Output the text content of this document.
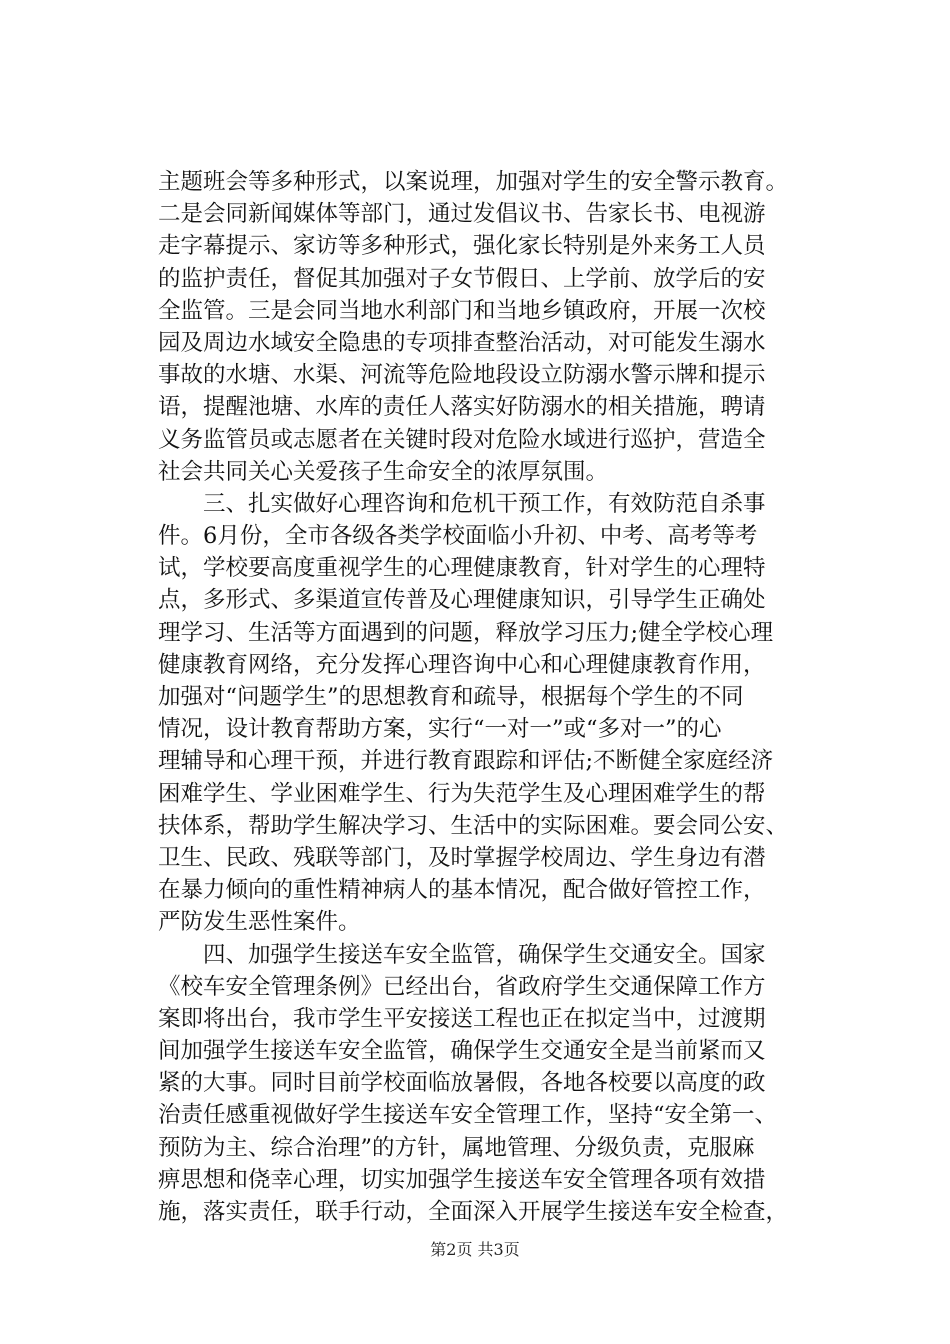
主题班会等多种形式，以案说理，加强对学生的安全警示教育。
二是会同新闻媒体等部门，通过发倡议书、告家长书、电视游
走字幕提示、家访等多种形式，强化家长特别是外来务工人员
的监护责任，督促其加强对子女节假日、上学前、放学后的安
全监管。三是会同当地水利部门和当地乡镇政府，开展一次校
园及周边水域安全隐患的专项排查整治活动，对可能发生溺水
事故的水塘、水渠、河流等危险地段设立防溺水警示牌和提示
语，提醒池塘、水库的责任人落实好防溺水的相关措施，聘请
义务监管员或志愿者在关键时段对危险水域进行巡护，营造全
社会共同关心关爱孩子生命安全的浓厚氛围。
　　三、扎实做好心理咨询和危机干预工作，有效防范自杀事
件。6月份，全市各级各类学校面临小升初、中考、高考等考
试，学校要高度重视学生的心理健康教育，针对学生的心理特
点，多形式、多渠道宣传普及心理健康知识，引导学生正确处
理学习、生活等方面遇到的问题，释放学习压力;健全学校心理
健康教育网络，充分发挥心理咨询中心和心理健康教育作用，
加强对“问题学生”的思想教育和疏导，根据每个学生的不同
情况，设计教育帮助方案，实行“一对一”或“多对一”的心
理辅导和心理干预，并进行教育跟踪和评估;不断健全家庭经济
困难学生、学业困难学生、行为失范学生及心理困难学生的帮
扶体系，帮助学生解决学习、生活中的实际困难。要会同公安、
卫生、民政、残联等部门，及时掌握学校周边、学生身边有潜
在暴力倾向的重性精神病人的基本情况，配合做好管控工作，
严防发生恶性案件。
　　四、加强学生接送车安全监管，确保学生交通安全。国家
《校车安全管理条例》已经出台，省政府学生交通保障工作方
案即将出台，我市学生平安接送工程也正在拟定当中，过渡期
间加强学生接送车安全监管，确保学生交通安全是当前紧而又
紧的大事。同时目前学校面临放暑假，各地各校要以高度的政
治责任感重视做好学生接送车安全管理工作，坚持“安全第一、
预防为主、综合治理”的方针，属地管理、分级负责，克服麻
痹思想和侥幸心理，切实加强学生接送车安全管理各项有效措
施，落实责任，联手行动，全面深入开展学生接送车安全检查，
第2页 共3页
